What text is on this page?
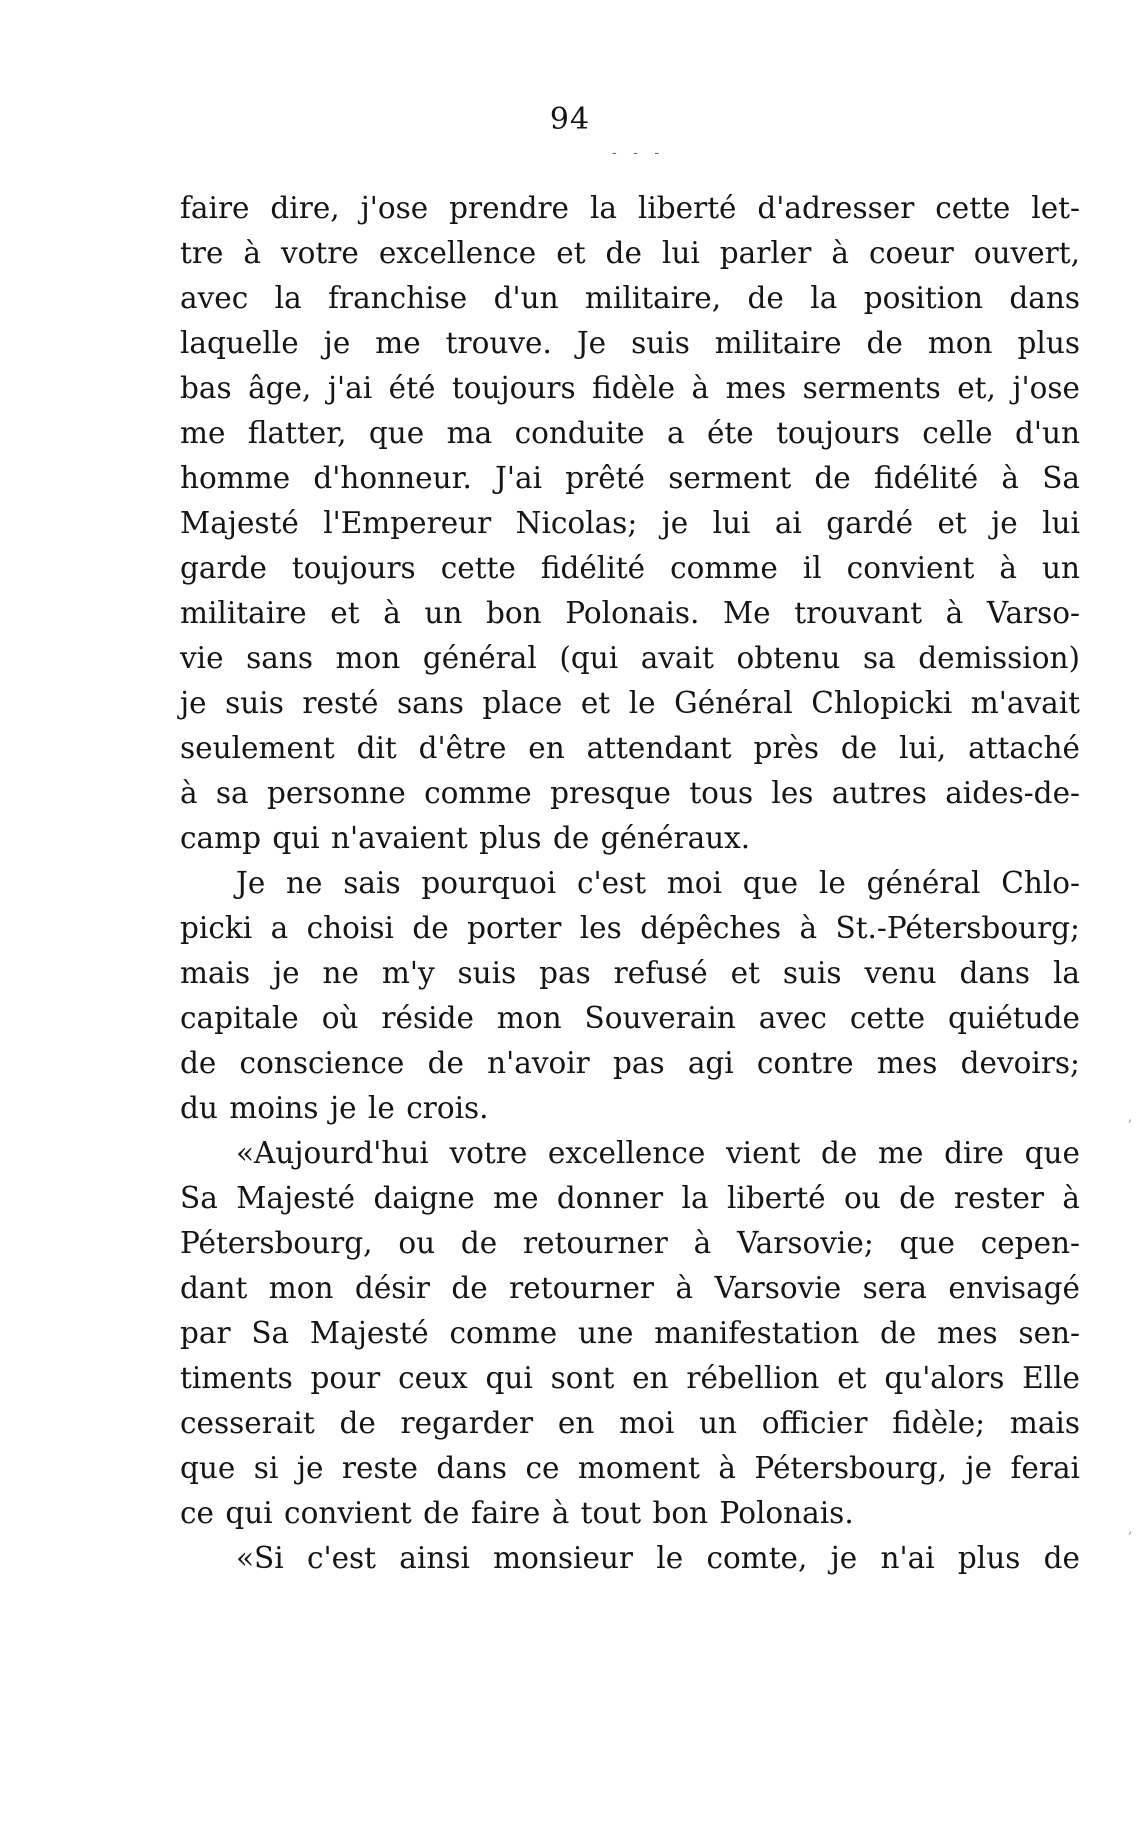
94
- - -
faire dire, j'ose prendre la liberté d'adresser cette let-
tre à votre excellence et de lui parler à coeur ouvert,
avec la franchise d'un militaire, de la position dans
laquelle je me trouve. Je suis militaire de mon plus
bas âge, j'ai été toujours fidèle à mes serments et, j'ose
me flatter, que ma conduite a éte toujours celle d'un
homme d'honneur. J'ai prêté serment de fidélité à Sa
Majesté l'Empereur Nicolas; je lui ai gardé et je lui
garde toujours cette fidélité comme il convient à un
militaire et à un bon Polonais. Me trouvant à Varso-
vie sans mon général (qui avait obtenu sa demission)
je suis resté sans place et le Général Chlopicki m'avait
seulement dit d'être en attendant près de lui, attaché
à sa personne comme presque tous les autres aides-de-
camp qui n'avaient plus de généraux.
Je ne sais pourquoi c'est moi que le général Chlo-
picki a choisi de porter les dépêches à St.-Pétersbourg;
mais je ne m'y suis pas refusé et suis venu dans la
capitale où réside mon Souverain avec cette quiétude
de conscience de n'avoir pas agi contre mes devoirs;
du moins je le crois.
«Aujourd'hui votre excellence vient de me dire que
Sa Majesté daigne me donner la liberté ou de rester à
Pétersbourg, ou de retourner à Varsovie; que cepen-
dant mon désir de retourner à Varsovie sera envisagé
par Sa Majesté comme une manifestation de mes sen-
timents pour ceux qui sont en rébellion et qu'alors Elle
cesserait de regarder en moi un officier fidèle; mais
que si je reste dans ce moment à Pétersbourg, je ferai
ce qui convient de faire à tout bon Polonais.
«Si c'est ainsi monsieur le comte, je n'ai plus de
,
,
